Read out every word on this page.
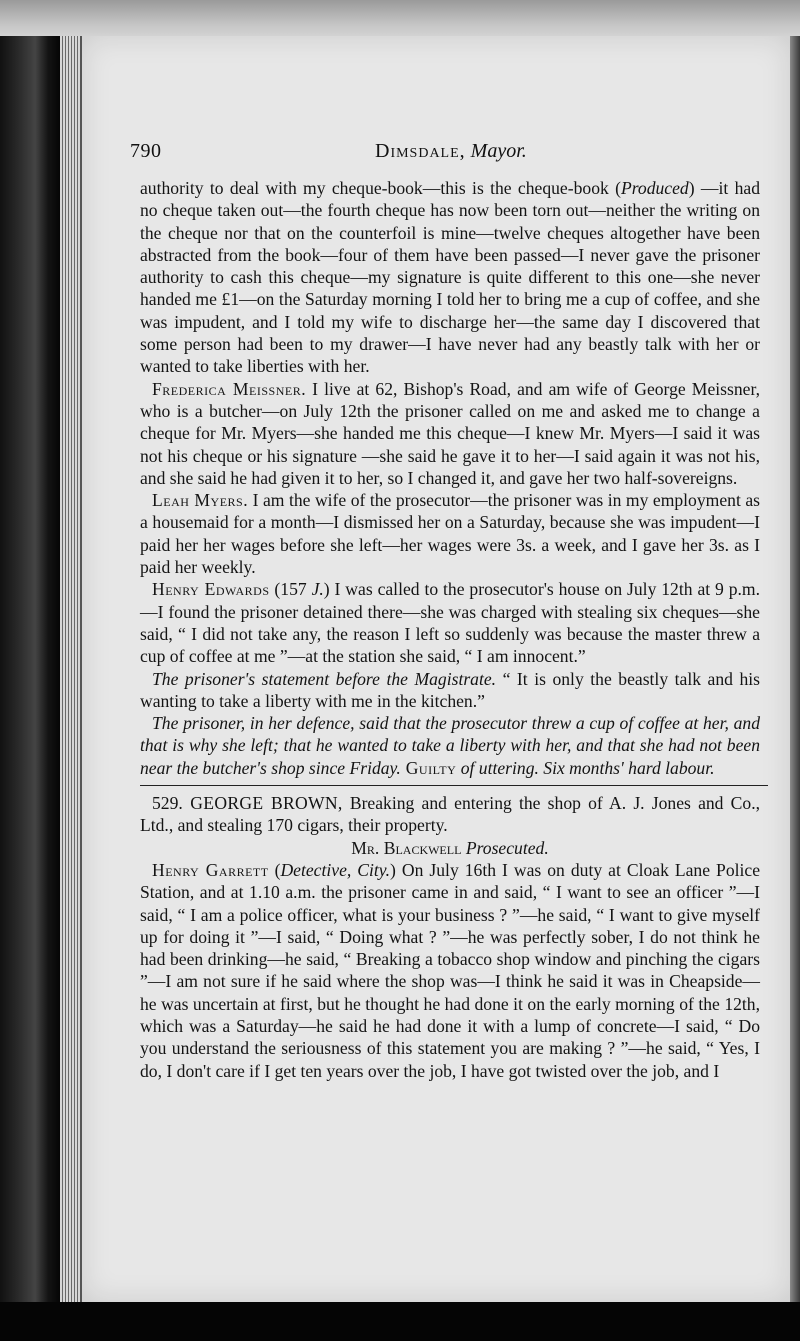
790	Dimsdale, Mayor.

authority to deal with my cheque-book—this is the cheque-book (Produced) —it had no cheque taken out—the fourth cheque has now been torn out—neither the writing on the cheque nor that on the counterfoil is mine—twelve cheques altogether have been abstracted from the book—four of them have been passed—I never gave the prisoner authority to cash this cheque—my signature is quite different to this one—she never handed me £1—on the Saturday morning I told her to bring me a cup of coffee, and she was impudent, and I told my wife to discharge her—the same day I discovered that some person had been to my drawer—I have never had any beastly talk with her or wanted to take liberties with her.

Frederica Meissner. I live at 62, Bishop's Road, and am wife of George Meissner, who is a butcher—on July 12th the prisoner called on me and asked me to change a cheque for Mr. Myers—she handed me this cheque—I knew Mr. Myers—I said it was not his cheque or his signature —she said he gave it to her—I said again it was not his, and she said he had given it to her, so I changed it, and gave her two half-sovereigns.

Leah Myers. I am the wife of the prosecutor—the prisoner was in my employment as a housemaid for a month—I dismissed her on a Saturday, because she was impudent—I paid her her wages before she left—her wages were 3s. a week, and I gave her 3s. as I paid her weekly.

Henry Edwards (157 J.) I was called to the prosecutor's house on July 12th at 9 p.m.—I found the prisoner detained there—she was charged with stealing six cheques—she said, “ I did not take any, the reason I left so suddenly was because the master threw a cup of coffee at me ”—at the station she said, “ I am innocent.”

The prisoner's statement before the Magistrate. “ It is only the beastly talk and his wanting to take a liberty with me in the kitchen.”

The prisoner, in her defence, said that the prosecutor threw a cup of coffee at her, and that is why she left; that he wanted to take a liberty with her, and that she had not been near the butcher's shop since Friday. Guilty of uttering. Six months' hard labour.

529. GEORGE BROWN, Breaking and entering the shop of A. J. Jones and Co., Ltd., and stealing 170 cigars, their property.

Mr. Blackwell Prosecuted.

Henry Garrett (Detective, City.) On July 16th I was on duty at Cloak Lane Police Station, and at 1.10 a.m. the prisoner came in and said, “ I want to see an officer ”—I said, “ I am a police officer, what is your business ? ”—he said, “ I want to give myself up for doing it ”—I said, “ Doing what ? ”—he was perfectly sober, I do not think he had been drinking—he said, “ Breaking a tobacco shop window and pinching the cigars ”—I am not sure if he said where the shop was—I think he said it was in Cheapside—he was uncertain at first, but he thought he had done it on the early morning of the 12th, which was a Saturday—he said he had done it with a lump of concrete—I said, “ Do you understand the seriousness of this statement you are making ? ”—he said, “ Yes, I do, I don't care if I get ten years over the job, I have got twisted over the job, and I
